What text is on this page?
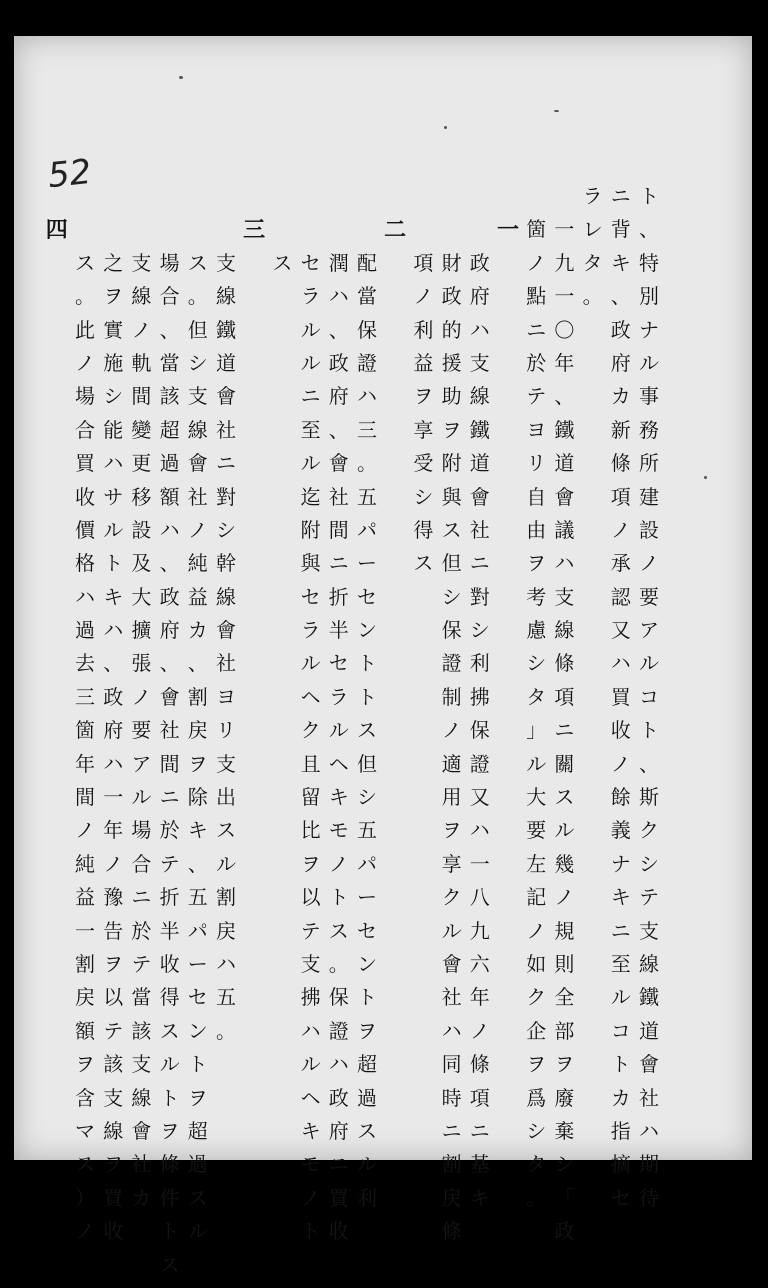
52	ト
、
特
別
ナ
ル
事
務
所
建
設
ノ
要
ア
ル
コ
ト
、
斯
ク
シ
テ
支
線
鐵
道
會
社
ハ
期
待
ニ
背
キ
、
政
府
カ
新
條
項
ノ
承
認
又
ハ
買
收
ノ
餘
義
ナ
キ
ニ
至
ル
コ
ト
カ
指
摘
セ
ラ
レ
タ
。
一
九
一
〇
年
、
鐵
道
會
議
ハ
支
線
條
項
ニ
關
ス
ル
幾
ノ
規
則
全
部
ヲ
廢
棄
シ
「
政
箇
ノ
點
ニ
於
テ
ヨ
リ
自
由
ヲ
考
慮
シ
タ
」
ル
大
要
左
記
ノ
如
ク
企
ヲ
爲
シ
タ
。
一
政
府
ハ
支
線
鐵
道
會
社
ニ
對
シ
利
拂
保
證
又
ハ
一
八
九
六
年
ノ
條
項
ニ
基
キ
財
政
的
援
助
ヲ
附
與
ス
但
シ
保
證
制
ノ
適
用
ヲ
享
ク
ル
會
社
ハ
同
時
ニ
割
戻
條
項
ノ
利
益
ヲ
享
受
シ
得
ス
二
配
當
保
證
ハ
三
。
五
パ
ー
セ
ン
ト
ト
ス
但
シ
五
パ
ー
セ
ン
ト
ヲ
超
過
ス
ル
利
潤
ハ
、
政
府
、
會
社
間
ニ
折
半
セ
ラ
ル
ヘ
キ
モ
ノ
ト
ス
。
保
證
ハ
政
府
ニ
買
收
セ
ラ
ル
ル
ニ
至
ル
迄
附
與
セ
ラ
ル
ヘ
ク
且
留
比
ヲ
以
テ
支
拂
ハ
ル
ヘ
キ
モ
ノ
ト
ス
三
支
線
鐵
道
會
社
ニ
對
シ
幹
線
會
社
ヨ
リ
支
出
ス
ル
割
戻
ハ
五
。
ス
。
但
シ
支
線
會
社
ノ
純
益
カ
、
割
戻
ヲ
除
キ
、
五
パ
ー
セ
ン
ト
ヲ
超
過
ス
ル
場
合
、
當
該
超
過
額
ハ
、
政
府
、
會
社
間
ニ
於
テ
折
半
收
得
ス
ル
ト
ヲ
條
件
ト
ス
支
線
ノ
軌
間
變
更
移
設
及
大
擴
張
ノ
要
ア
ル
場
合
ニ
於
テ
當
該
支
線
會
社
カ
之
ヲ
實
施
シ
能
ハ
サ
ル
ト
キ
ハ
、
政
府
ハ
一
年
ノ
豫
告
ヲ
以
テ
該
支
線
ヲ
買
收
ス
。
此
ノ
場
合
買
收
價
格
ハ
過
去
三
箇
年
間
ノ
純
益
一
割
戻
額
ヲ
含
マ
ス
）
ノ
四
